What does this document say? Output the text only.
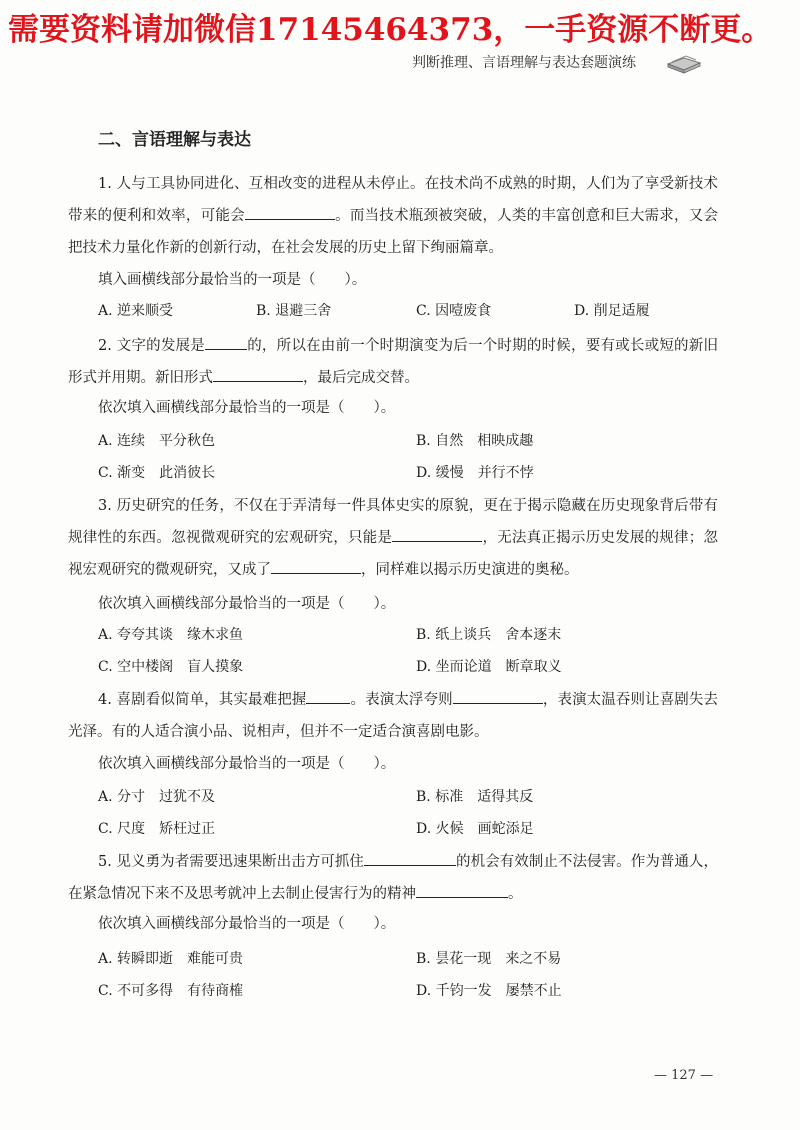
需要资料请加微信17145464373，一手资源不断更。
判断推理、言语理解与表达套题演练
二、言语理解与表达

1. 人与工具协同进化、互相改变的进程从未停止。在技术尚不成熟的时期，人们为了享受新技术带来的便利和效率，可能会	。而当技术瓶颈被突破，人类的丰富创意和巨大需求，又会把技术力量化作新的创新行动，在社会发展的历史上留下绚丽篇章。

填入画横线部分最恰当的一项是（　　）。
A. 逆来顺受	B. 退避三舍	C. 因噎废食	D. 削足适履

2. 文字的发展是	的，所以在由前一个时期演变为后一个时期的时候，要有或长或短的新旧形式并用期。新旧形式	，最后完成交替。

依次填入画横线部分最恰当的一项是（　　）。
A. 连续　平分秋色	B. 自然　相映成趣
C. 渐变　此消彼长	D. 缓慢　并行不悖

3. 历史研究的任务，不仅在于弄清每一件具体史实的原貌，更在于揭示隐藏在历史现象背后带有规律性的东西。忽视微观研究的宏观研究，只能是	，无法真正揭示历史发展的规律；忽视宏观研究的微观研究，又成了	，同样难以揭示历史演进的奥秘。

依次填入画横线部分最恰当的一项是（　　）。
A. 夸夸其谈　缘木求鱼	B. 纸上谈兵　舍本逐末
C. 空中楼阁　盲人摸象	D. 坐而论道　断章取义

4. 喜剧看似简单，其实最难把握	。表演太浮夸则	，表演太温吞则让喜剧失去光泽。有的人适合演小品、说相声，但并不一定适合演喜剧电影。

依次填入画横线部分最恰当的一项是（　　）。
A. 分寸　过犹不及	B. 标准　适得其反
C. 尺度　矫枉过正	D. 火候　画蛇添足

5. 见义勇为者需要迅速果断出击方可抓住	的机会有效制止不法侵害。作为普通人，在紧急情况下来不及思考就冲上去制止侵害行为的精神	。

依次填入画横线部分最恰当的一项是（　　）。
A. 转瞬即逝　难能可贵	B. 昙花一现　来之不易
C. 不可多得　有待商榷	D. 千钧一发　屡禁不止
— 127 —
